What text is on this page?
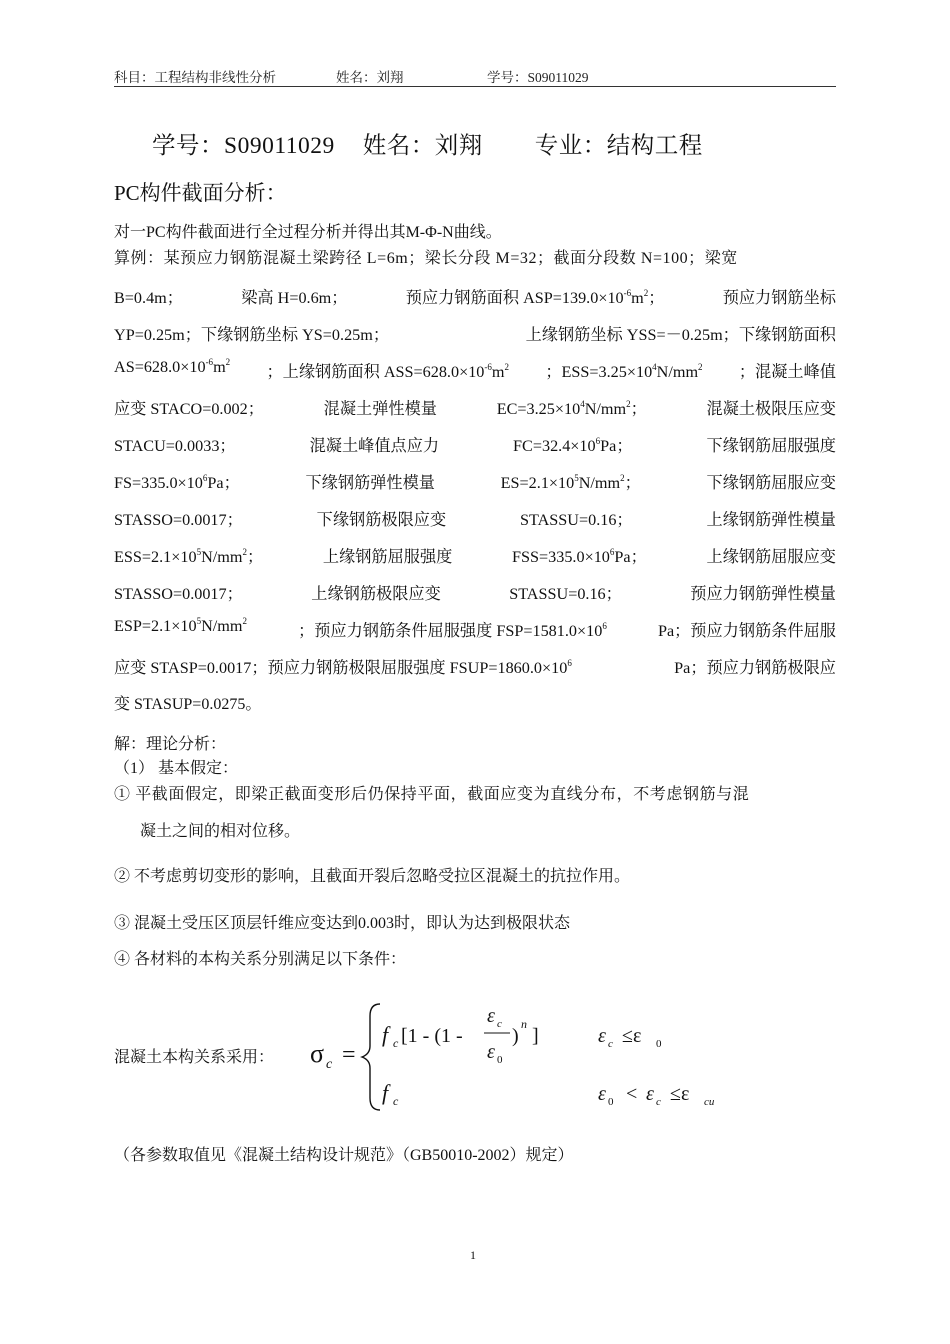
科目：工程结构非线性分析	姓名：刘翔	学号：S09011029
学号：S09011029 姓名：刘翔 专业：结构工程
PC构件截面分析：
对一PC构件截面进行全过程分析并得出其M-Φ-N曲线。
算例：某预应力钢筋混凝土梁跨径 L=6m；梁长分段 M=32；截面分段数 N=100；梁宽
B=0.4m；	梁高 H=0.6m；	预应力钢筋面积 $ASP=139.0\times 10^{-6}m^2$；	预应力钢筋坐标
YP=0.25m；下缘钢筋坐标 YS=0.25m；	上缘钢筋坐标 YSS=－0.25m；下缘钢筋面积
$AS=628.0\times 10^{-6}m^2$
；上缘钢筋面积 $ASS=628.0\times 10^{-6}m^2$ ；$ESS=3.25\times 10^4N/mm^2$ ；混凝土峰值
应变 STACO=0.002；	混凝土弹性模量	$EC=3.25\times 10^4N/mm^2$；	混凝土极限压应变
STACU=0.0033；	混凝土峰值点应力	$FC=32.4\times 10^6Pa$；	下缘钢筋屈服强度
$FS=335.0\times 10^6Pa$；	下缘钢筋弹性模量	$ES=2.1\times 10^5N/mm^2$；	下缘钢筋屈服应变
STASSO=0.0017；	下缘钢筋极限应变	STASSU=0.16；	上缘钢筋弹性模量
$ESS=2.1\times 10^5N/mm^2$；	上缘钢筋屈服强度	$FSS=335.0\times 10^6Pa$；	上缘钢筋屈服应变
STASSO=0.0017；	上缘钢筋极限应变	STASSU=0.16；	预应力钢筋弹性模量
$ESP=2.1\times 10^5N/mm^2$
；预应力钢筋条件屈服强度 $FSP=1581.0\times 10^6$	Pa；预应力钢筋条件屈服
应变 STASP=0.0017；预应力钢筋极限屈服强度 $FSUP=1860.0\times 10^6$	Pa；预应力钢筋极限应
变 STASUP=0.0275。
解：理论分析：
（1） 基本假定：
① 平截面假定，即梁正截面变形后仍保持平面，截面应变为直线分布，不考虑钢筋与混
凝土之间的相对位移。
② 不考虑剪切变形的影响，且截面开裂后忽略受拉区混凝土的抗拉作用。
③ 混凝土受压区顶层钎维应变达到0.003时，即认为达到极限状态
④ 各材料的本构关系分别满足以下条件：
混凝土本构关系采用： σ c =
f c [1 - (1 -
ε c
ε 0
)
n
]	ε c ≤ε 0
f c	ε 0 < ε c ≤ε cu
（各参数取值见《混凝土结构设计规范》（GB50010-2002）规定）
1
